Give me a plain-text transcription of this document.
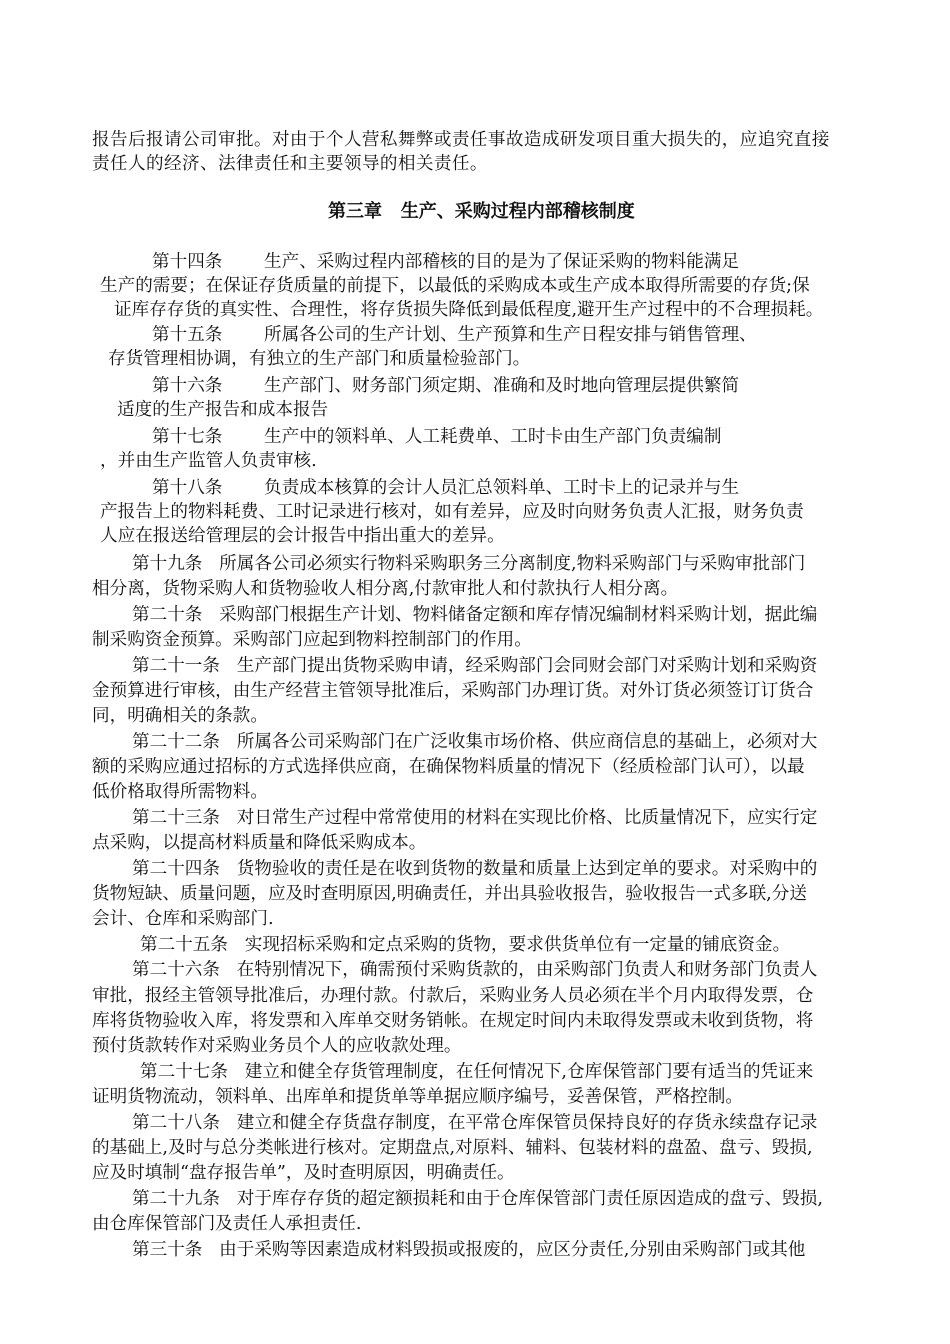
报告后报请公司审批。对由于个人营私舞弊或责任事故造成研发项目重大损失的，应追究直接
责任人的经济、法律责任和主要领导的相关责任。
第三章   生产、采购过程内部稽核制度
第十四条 生产、采购过程内部稽核的目的是为了保证采购的物料能满足
生产的需要；在保证存货质量的前提下，以最低的采购成本或生产成本取得所需要的存货;保
证库存存货的真实性、合理性，将存货损失降低到最低程度,避开生产过程中的不合理损耗。
第十五条 所属各公司的生产计划、生产预算和生产日程安排与销售管理、
存货管理相协调，有独立的生产部门和质量检验部门。
第十六条 生产部门、财务部门须定期、准确和及时地向管理层提供繁简
适度的生产报告和成本报告
第十七条 生产中的领料单、人工耗费单、工时卡由生产部门负责编制
，并由生产监管人负责审核.
第十八条 负责成本核算的会计人员汇总领料单、工时卡上的记录并与生
产报告上的物料耗费、工时记录进行核对，如有差异，应及时向财务负责人汇报，财务负责
人应在报送给管理层的会计报告中指出重大的差异。
第十九条   所属各公司必须实行物料采购职务三分离制度,物料采购部门与采购审批部门
相分离，货物采购人和货物验收人相分离,付款审批人和付款执行人相分离。
第二十条   采购部门根据生产计划、物料储备定额和库存情况编制材料采购计划，据此编
制采购资金预算。采购部门应起到物料控制部门的作用。
第二十一条   生产部门提出货物采购申请，经采购部门会同财会部门对采购计划和采购资
金预算进行审核，由生产经营主管领导批准后，采购部门办理订货。对外订货必须签订订货合
同，明确相关的条款。
第二十二条   所属各公司采购部门在广泛收集市场价格、供应商信息的基础上，必须对大
额的采购应通过招标的方式选择供应商，在确保物料质量的情况下（经质检部门认可），以最
低价格取得所需物料。
第二十三条   对日常生产过程中常常使用的材料在实现比价格、比质量情况下，应实行定
点采购，以提高材料质量和降低采购成本。
第二十四条   货物验收的责任是在收到货物的数量和质量上达到定单的要求。对采购中的
货物短缺、质量问题，应及时查明原因,明确责任，并出具验收报告，验收报告一式多联,分送
会计、仓库和采购部门.
第二十五条   实现招标采购和定点采购的货物，要求供货单位有一定量的铺底资金。
第二十六条   在特别情况下，确需预付采购货款的，由采购部门负责人和财务部门负责人
审批，报经主管领导批准后，办理付款。付款后，采购业务人员必须在半个月内取得发票，仓
库将货物验收入库，将发票和入库单交财务销帐。在规定时间内未取得发票或未收到货物，将
预付货款转作对采购业务员个人的应收款处理。
第二十七条   建立和健全存货管理制度，在任何情况下,仓库保管部门要有适当的凭证来
证明货物流动，领料单、出库单和提货单等单据应顺序编号，妥善保管，严格控制。
第二十八条   建立和健全存货盘存制度，在平常仓库保管员保持良好的存货永续盘存记录
的基础上,及时与总分类帐进行核对。定期盘点,对原料、辅料、包装材料的盘盈、盘亏、毁损,
应及时填制“盘存报告单”，及时查明原因，明确责任。
第二十九条   对于库存存货的超定额损耗和由于仓库保管部门责任原因造成的盘亏、毁损,
由仓库保管部门及责任人承担责任.
第三十条   由于采购等因素造成材料毁损或报废的，应区分责任,分别由采购部门或其他
